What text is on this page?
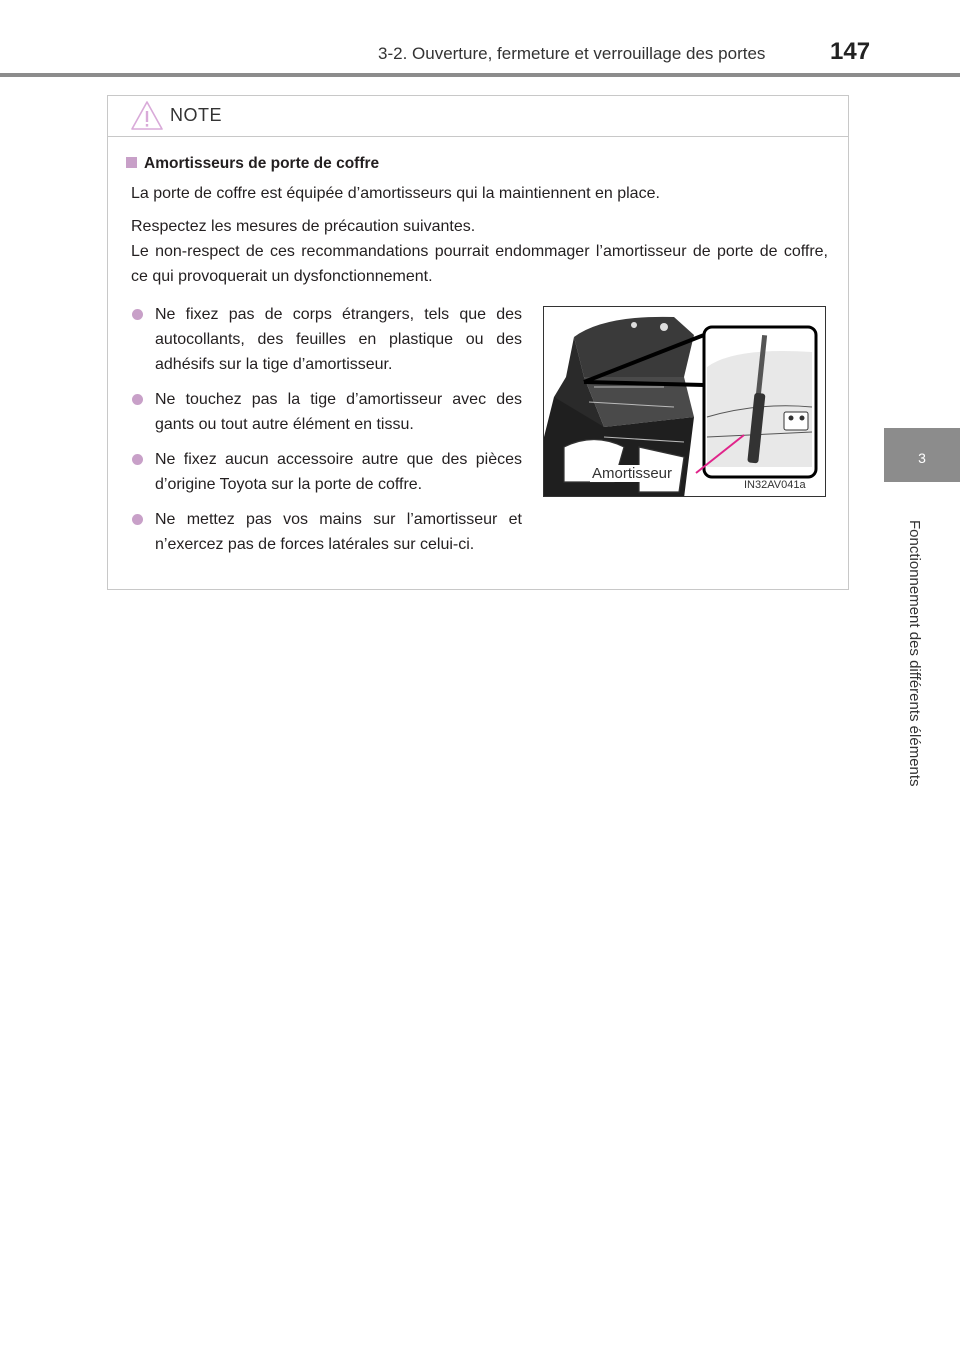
3-2. Ouverture, fermeture et verrouillage des portes	147
3
Fonctionnement des différents éléments
NOTE
Amortisseurs de porte de coffre
La porte de coffre est équipée d’amortisseurs qui la maintiennent en place.
Respectez les mesures de précaution suivantes.
Le non-respect de ces recommandations pourrait endommager l’amortisseur de porte de coffre, ce qui provoquerait un dysfonctionnement.
Ne fixez pas de corps étrangers, tels que des autocollants, des feuilles en plastique ou des adhésifs sur la tige d’amortisseur.
Ne touchez pas la tige d’amortisseur avec des gants ou tout autre élément en tissu.
Ne fixez aucun accessoire autre que des pièces d’origine Toyota sur la porte de coffre.
Ne mettez pas vos mains sur l’amortisseur et n’exercez pas de forces latérales sur celui-ci.
Amortisseur
IN32AV041a
